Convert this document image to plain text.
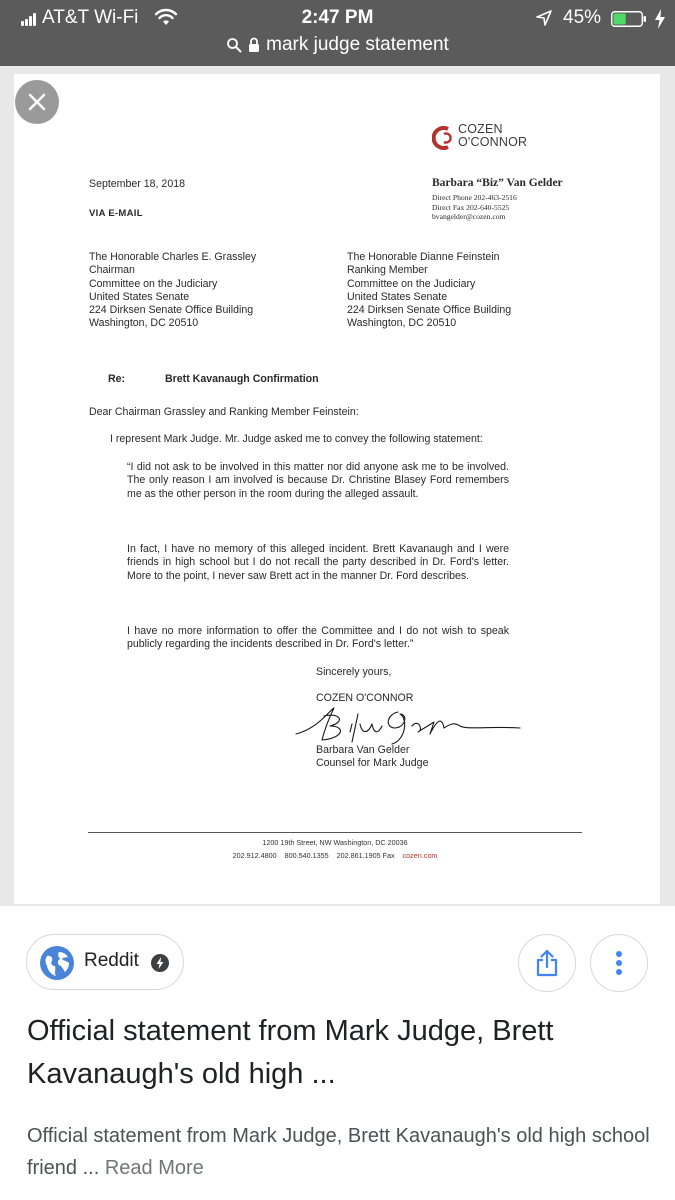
AT&T Wi-Fi	2:47 PM	45%
mark judge statement
COZEN
O'CONNOR
September 18, 2018
VIA E-MAIL
Barbara “Biz” Van Gelder
Direct Phone 202-463-2516
Direct Fax 202-640-5525
bvangelder@cozen.com
The Honorable Charles E. Grassley
Chairman
Committee on the Judiciary
United States Senate
224 Dirksen Senate Office Building
Washington, DC 20510
The Honorable Dianne Feinstein
Ranking Member
Committee on the Judiciary
United States Senate
224 Dirksen Senate Office Building
Washington, DC 20510
Re:	Brett Kavanaugh Confirmation
Dear Chairman Grassley and Ranking Member Feinstein:
I represent Mark Judge. Mr. Judge asked me to convey the following statement:
“I did not ask to be involved in this matter nor did anyone ask me to be involved. The only reason I am involved is because Dr. Christine Blasey Ford remembers me as the other person in the room during the alleged assault.
In fact, I have no memory of this alleged incident. Brett Kavanaugh and I were friends in high school but I do not recall the party described in Dr. Ford's letter. More to the point, I never saw Brett act in the manner Dr. Ford describes.
I have no more information to offer the Committee and I do not wish to speak publicly regarding the incidents described in Dr. Ford's letter.”
Sincerely yours,
COZEN O'CONNOR
Barbara Van Gelder
Counsel for Mark Judge
1200 19th Street, NW Washington, DC 20036
202.912.4800 800.540.1355 202.861.1905 Fax cozen.com
Reddit
Official statement from Mark Judge, Brett Kavanaugh's old high ...
Official statement from Mark Judge, Brett Kavanaugh's old high school friend ... Read More
